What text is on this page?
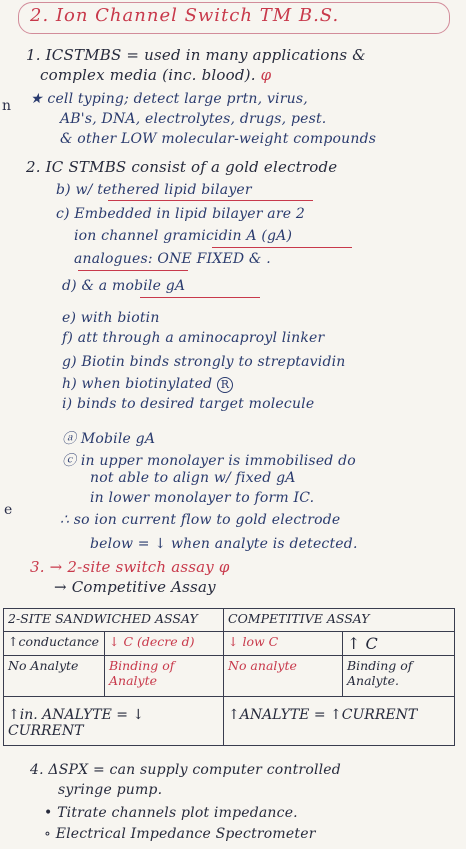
2. Ion Channel Switch TM B.S.
n
e
1. ICSTMBS = used in many applications &
complex media (inc. blood). φ
★ cell typing; detect large prtn, virus,
AB's, DNA, electrolytes, drugs, pest.
& other LOW molecular-weight compounds
2. IC STMBS consist of a gold electrode
b) w/ tethered lipid bilayer
c) Embedded in lipid bilayer are 2
ion channel gramicidin A (gA)
analogues: ONE FIXED & .
d) & a mobile gA
e) with biotin
f) att through a aminocaproyl linker
g) Biotin binds strongly to streptavidin
h) when biotinylated R
i) binds to desired target molecule
ⓐ Mobile gA
ⓒ in upper monolayer is immobilised do
not able to align w/ fixed gA
in lower monolayer to form IC.
∴ so ion current flow to gold electrode
below = ↓ when analyte is detected.
3. → 2-site switch assay φ
→ Competitive Assay
2-SITE SANDWICHED ASSAY		COMPETITIVE ASSAY	
↑conductance	↓ C (decre d)	↓ low C	↑ C
No Analyte	Binding of Analyte	No analyte	Binding of Analyte.
↑in. ANALYTE = ↓ CURRENT		↑ANALYTE = ↑CURRENT	
4. ΔSPX = can supply computer controlled
syringe pump.
• Titrate channels plot impedance.
∘ Electrical Impedance Spectrometer
